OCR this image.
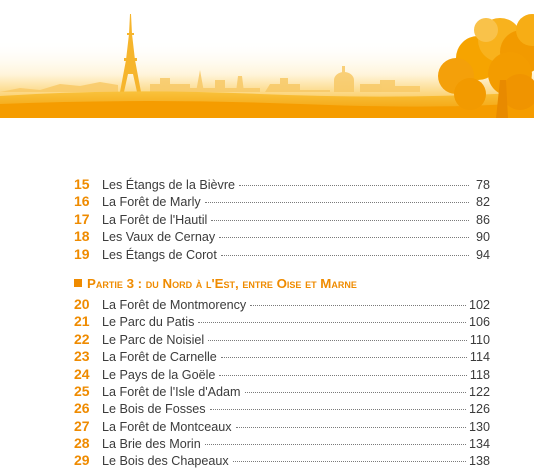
15 Les Étangs de la Bièvre	78
16 La Forêt de Marly	82
17 La Forêt de l'Hautil	86
18 Les Vaux de Cernay	90
19 Les Étangs de Corot	94
Partie 3 : du Nord à l'Est, entre Oise et Marne
20 La Forêt de Montmorency	102
21 Le Parc du Patis	106
22 Le Parc de Noisiel	110
23 La Forêt de Carnelle	114
24 Le Pays de la Goële	118
25 La Forêt de l'Isle d'Adam	122
26 Le Bois de Fosses	126
27 La Forêt de Montceaux	130
28 La Brie des Morin	134
29 Le Bois des Chapeaux	138
